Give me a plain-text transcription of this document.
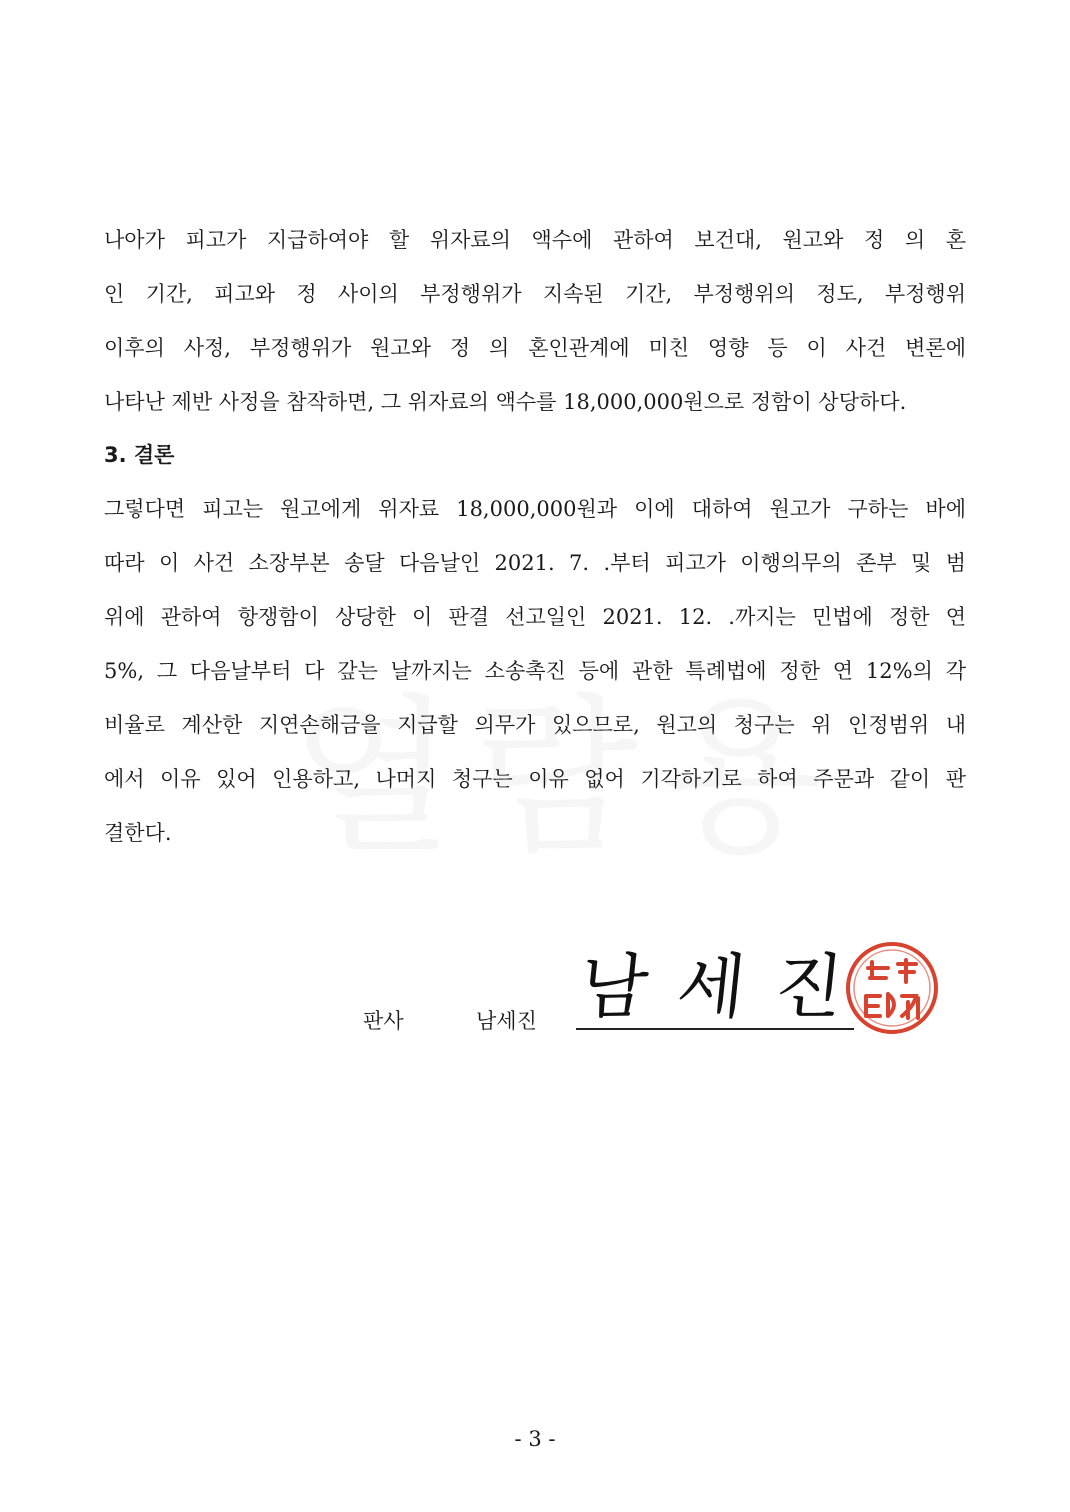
나아가 피고가 지급하여야 할 위자료의 액수에 관하여 보건대, 원고와 정 의 혼
인 기간, 피고와 정 사이의 부정행위가 지속된 기간, 부정행위의 정도, 부정행위
이후의 사정, 부정행위가 원고와 정 의 혼인관계에 미친 영향 등 이 사건 변론에
나타난 제반 사정을 참작하면, 그 위자료의 액수를 18,000,000원으로 정함이 상당하다.
3. 결론
그렇다면 피고는 원고에게 위자료 18,000,000원과 이에 대하여 원고가 구하는 바에
따라 이 사건 소장부본 송달 다음날인 2021. 7. .부터 피고가 이행의무의 존부 및 범
위에 관하여 항쟁함이 상당한 이 판결 선고일인 2021. 12. .까지는 민법에 정한 연
5%, 그 다음날부터 다 갚는 날까지는 소송촉진 등에 관한 특례법에 정한 연 12%의 각
비율로 계산한 지연손해금을 지급할 의무가 있으므로, 원고의 청구는 위 인정범위 내
에서 이유 있어 인용하고, 나머지 청구는 이유 없어 기각하기로 하여 주문과 같이 판
결한다.
판사	남세진 남세진
- 3 -
